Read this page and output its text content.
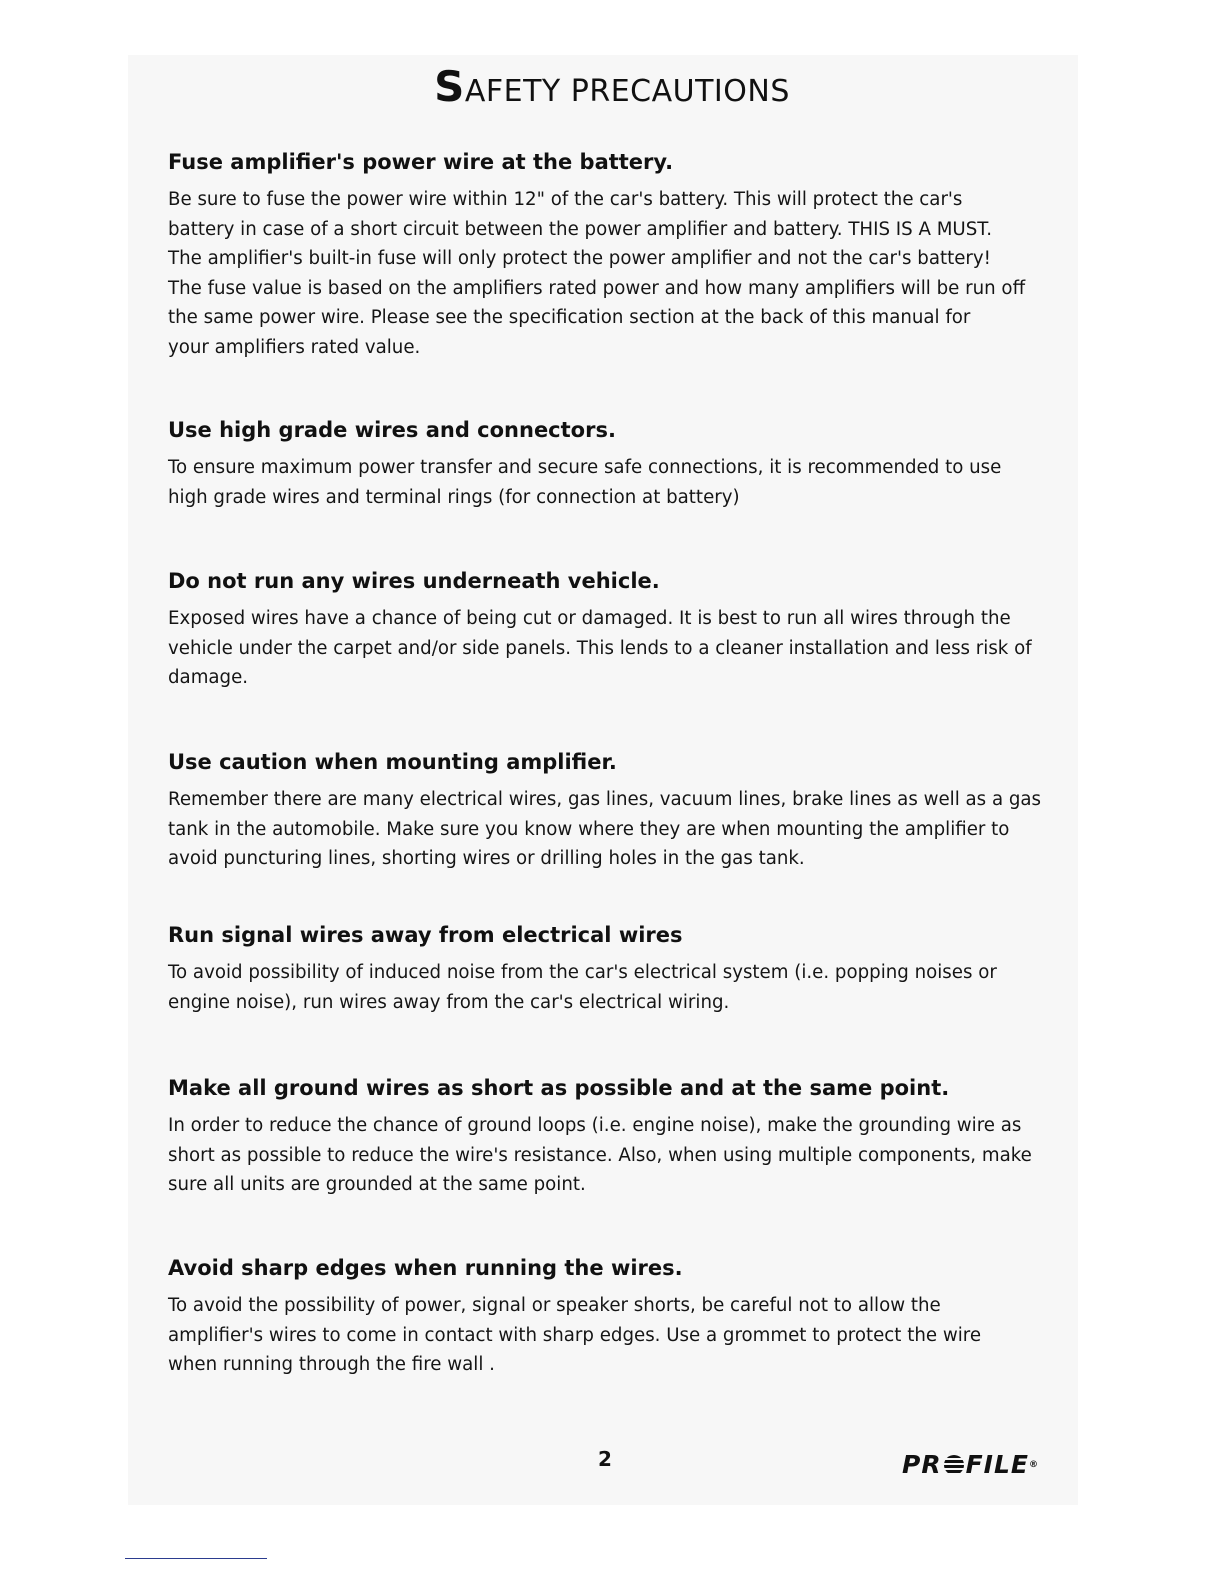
SAFETY PRECAUTIONS
Fuse amplifier's power wire at the battery.

Be sure to fuse the power wire within 12" of the car's battery. This will protect the car's
battery in case of a short circuit between the power amplifier and battery. THIS IS A MUST.
The amplifier's built-in fuse will only protect the power amplifier and not the car's battery!
The fuse value is based on the amplifiers rated power and how many amplifiers will be run off
the same power wire. Please see the specification section at the back of this manual for
your amplifiers rated value.

Use high grade wires and connectors.

To ensure maximum power transfer and secure safe connections, it is recommended to use
high grade wires and terminal rings (for connection at battery)

Do not run any wires underneath vehicle.

Exposed wires have a chance of being cut or damaged. It is best to run all wires through the
vehicle under the carpet and/or side panels. This lends to a cleaner installation and less risk of
damage.

Use caution when mounting amplifier.

Remember there are many electrical wires, gas lines, vacuum lines, brake lines as well as a gas
tank in the automobile. Make sure you know where they are when mounting the amplifier to
avoid puncturing lines, shorting wires or drilling holes in the gas tank.

Run signal wires away from electrical wires

To avoid possibility of induced noise from the car's electrical system (i.e. popping noises or
engine noise), run wires away from the car's electrical wiring.

Make all ground wires as short as possible and at the same point.

In order to reduce the chance of ground loops (i.e. engine noise), make the grounding wire as
short as possible to reduce the wire's resistance. Also, when using multiple components, make
sure all units are grounded at the same point.

Avoid sharp edges when running the wires.

To avoid the possibility of power, signal or speaker shorts, be careful not to allow the
amplifier's wires to come in contact with sharp edges. Use a grommet to protect the wire
when running through the fire wall .

2	PR FILE ®
